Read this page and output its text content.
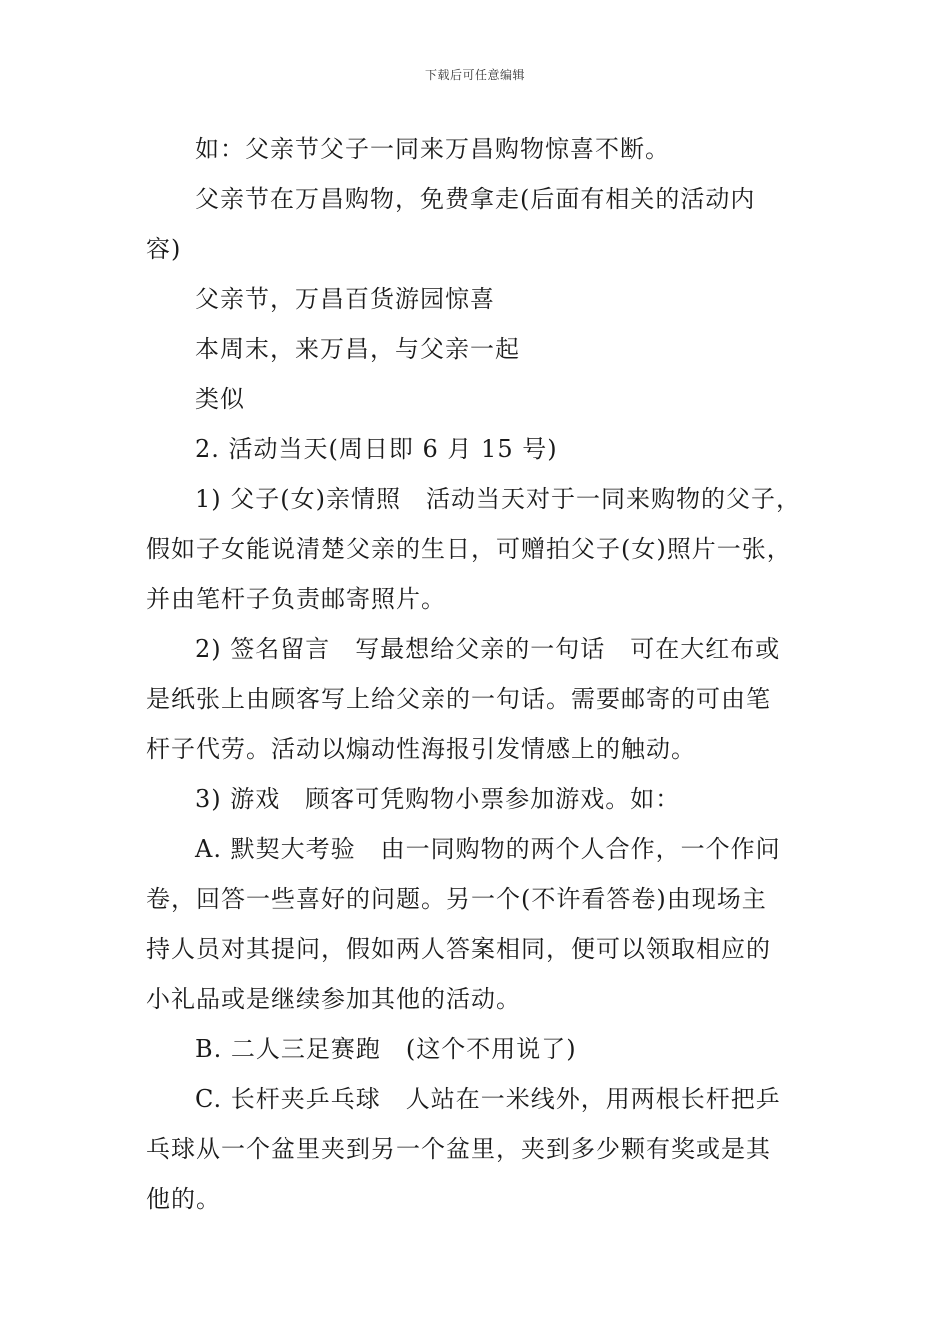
下载后可任意编辑
如：父亲节父子一同来万昌购物惊喜不断。
父亲节在万昌购物，免费拿走(后面有相关的活动内
容)
父亲节，万昌百货游园惊喜
本周末，来万昌，与父亲一起
类似
2. 活动当天(周日即 6 月 15 号)
1) 父子(女)亲情照　活动当天对于一同来购物的父子，
假如子女能说清楚父亲的生日，可赠拍父子(女)照片一张，
并由笔杆子负责邮寄照片。
2) 签名留言　写最想给父亲的一句话　可在大红布或
是纸张上由顾客写上给父亲的一句话。需要邮寄的可由笔
杆子代劳。活动以煽动性海报引发情感上的触动。
3) 游戏　顾客可凭购物小票参加游戏。如：
A. 默契大考验　由一同购物的两个人合作，一个作问
卷，回答一些喜好的问题。另一个(不许看答卷)由现场主
持人员对其提问，假如两人答案相同，便可以领取相应的
小礼品或是继续参加其他的活动。
B. 二人三足赛跑　(这个不用说了)
C. 长杆夹乒乓球　人站在一米线外，用两根长杆把乒
乓球从一个盆里夹到另一个盆里，夹到多少颗有奖或是其
他的。
